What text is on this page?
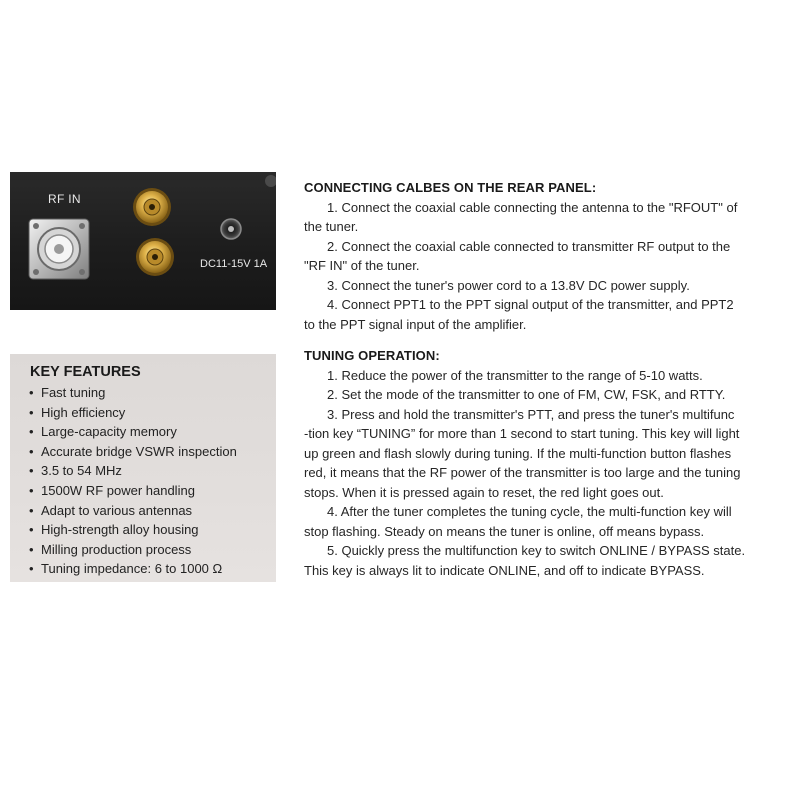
RF IN
DC11-15V 1A
KEY FEATURES
• Fast tuning
• High efficiency
• Large-capacity memory
• Accurate bridge VSWR inspection
• 3.5 to 54 MHz
• 1500W RF power handling
• Adapt to various antennas
• High-strength alloy housing
• Milling production process
• Tuning impedance: 6 to 1000 Ω
CONNECTING CALBES ON THE REAR PANEL:

1. Connect the coaxial cable connecting the antenna to the "RFOUT" of
the tuner.
2. Connect the coaxial cable connected to transmitter RF output to the
"RF IN" of the tuner.
3. Connect the tuner's power cord to a 13.8V DC power supply.
4. Connect PPT1 to the PPT signal output of the transmitter, and PPT2
to the PPT signal input of the amplifier.

TUNING OPERATION:

1. Reduce the power of the transmitter to the range of 5-10 watts.
2. Set the mode of the transmitter to one of FM, CW, FSK, and RTTY.
3. Press and hold the transmitter's PTT, and press the tuner's multifunc
-tion key “TUNING” for more than 1 second to start tuning. This key will light
up green and flash slowly during tuning. If the multi-function button flashes
red, it means that the RF power of the transmitter is too large and the tuning
stops. When it is pressed again to reset, the red light goes out.
4. After the tuner completes the tuning cycle, the multi-function key will
stop flashing. Steady on means the tuner is online, off means bypass.
5. Quickly press the multifunction key to switch ONLINE / BYPASS state.
This key is always lit to indicate ONLINE, and off to indicate BYPASS.
